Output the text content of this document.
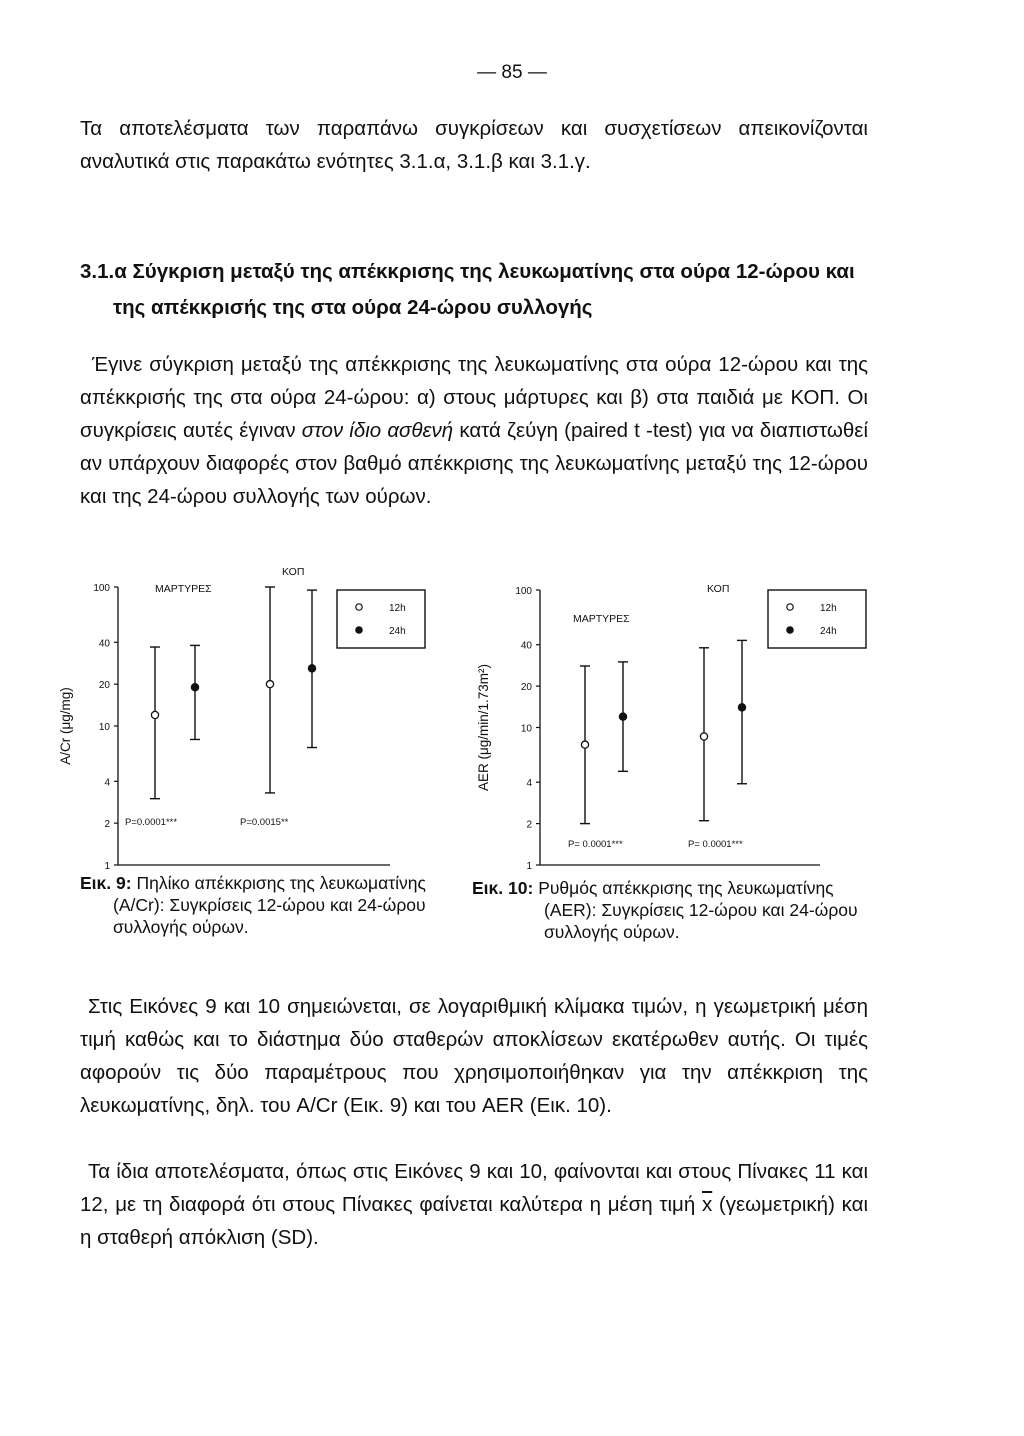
— 85 —

Τα αποτελέσματα των παραπάνω συγκρίσεων και συσχετίσεων απεικονίζονται

αναλυτικά στις παρακάτω ενότητες 3.1.α, 3.1.β και 3.1.γ.

3.1.α Σύγκριση μεταξύ της απέκκρισης της λευκωματίνης στα ούρα 12-ώρου και

της απέκκρισής της στα ούρα 24-ώρου συλλογής

Έγινε σύγκριση μεταξύ της απέκκρισης της λευκωματίνης στα ούρα 12-ώρου και της απέκκρισής της στα ούρα 24-ώρου: α) στους μάρτυρες και β) στα παιδιά με ΚΟΠ. Οι συγκρίσεις αυτές έγιναν στον ίδιο ασθενή κατά ζεύγη (paired t -test) για να διαπιστωθεί αν υπάρχουν διαφορές στον βαθμό απέκκρισης της λευκωματίνης μεταξύ της 12-ώρου και της 24-ώρου συλλογής των ούρων.

100
40
20
10
4
2
1
A/Cr (μg/mg)
ΜΑΡΤΥΡΕΣ
P=0.0001***
ΚΟΠ
P=0.0015**
12h
24h
Εικ. 9: Πηλίκο απέκκρισης της λευκωματίνης
(A/Cr): Συγκρίσεις 12-ώρου και 24-ώρου
συλλογής ούρων.
100
40
20
10
4
2
1
AER (μg/min/1.73m²)
ΜΑΡΤΥΡΕΣ
P= 0.0001***
ΚΟΠ
P= 0.0001***
12h
24h
Εικ. 10: Ρυθμός απέκκρισης της λευκωματίνης
(AER): Συγκρίσεις 12-ώρου και 24-ώρου
συλλογής ούρων.

Στις Εικόνες 9 και 10 σημειώνεται, σε λογαριθμική κλίμακα τιμών, η γεωμετρική μέση τιμή καθώς και το διάστημα δύο σταθερών αποκλίσεων εκατέρωθεν αυτής. Οι τιμές αφορούν τις δύο παραμέτρους που χρησιμοποιήθηκαν για την απέκκριση της λευκωματίνης, δηλ. του A/Cr (Εικ. 9) και του AER (Εικ. 10).

Τα ίδια αποτελέσματα, όπως στις Εικόνες 9 και 10, φαίνονται και στους Πίνακες 11 και 12, με τη διαφορά ότι στους Πίνακες φαίνεται καλύτερα η μέση τιμή $\overline{x}$ (γεωμετρική) και η σταθερή απόκλιση (SD).
